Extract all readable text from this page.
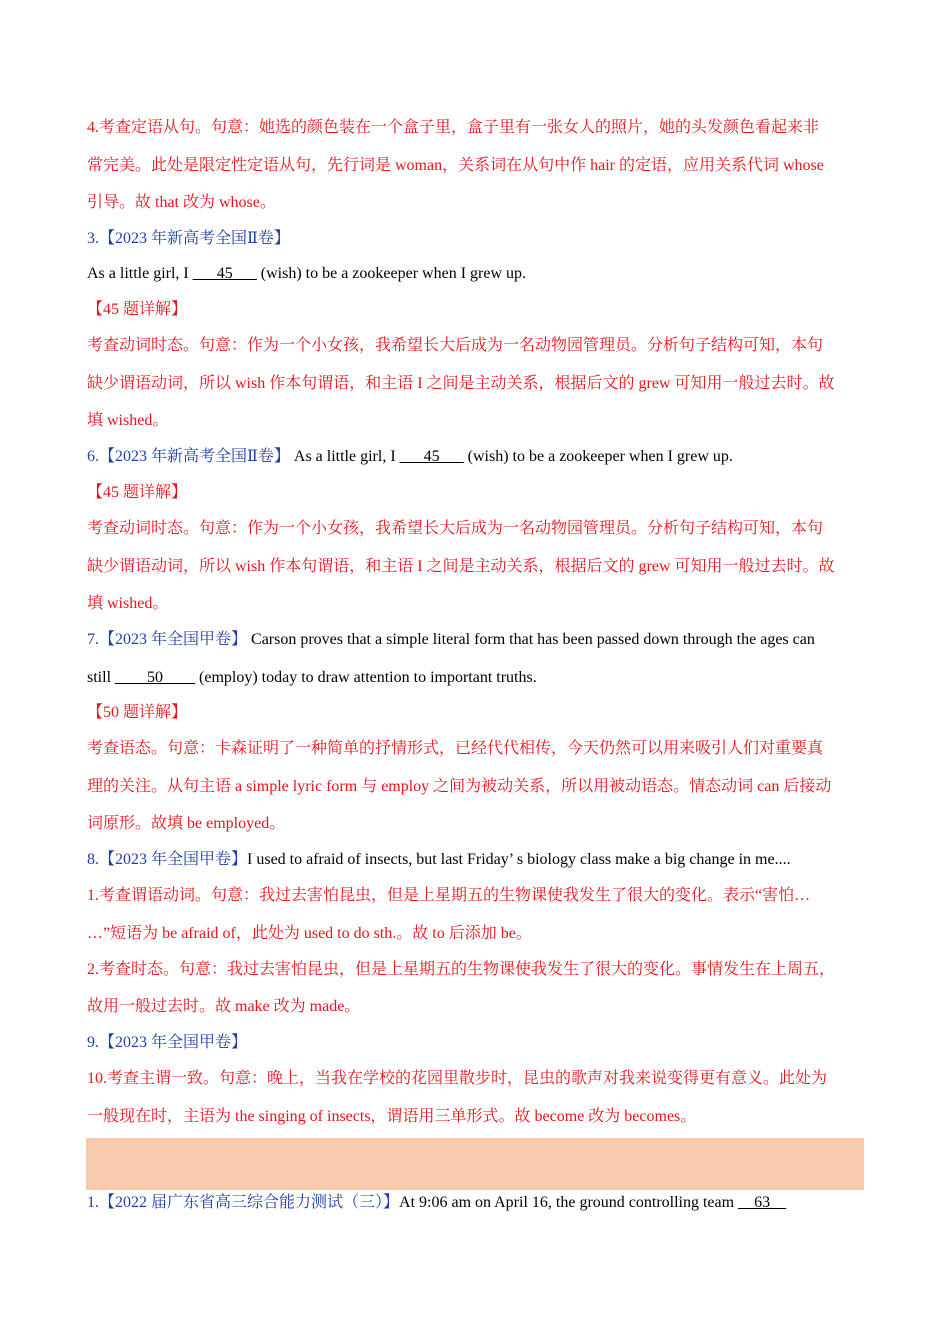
4.考查定语从句。句意：她选的颜色装在一个盒子里，盒子里有一张女人的照片，她的头发颜色看起来非
常完美。此处是限定性定语从句，先行词是 woman，关系词在从句中作 hair 的定语，应用关系代词 whose
引导。故 that 改为 whose。
3.【2023 年新高考全国Ⅱ卷】
As a little girl, I ___45___ (wish) to be a zookeeper when I grew up.
【45 题详解】
考查动词时态。句意：作为一个小女孩，我希望长大后成为一名动物园管理员。分析句子结构可知，本句
缺少谓语动词，所以 wish 作本句谓语，和主语 I 之间是主动关系，根据后文的 grew 可知用一般过去时。故
填 wished。
6.【2023 年新高考全国Ⅱ卷】 As a little girl, I ___45___ (wish) to be a zookeeper when I grew up.
【45 题详解】
考查动词时态。句意：作为一个小女孩，我希望长大后成为一名动物园管理员。分析句子结构可知，本句
缺少谓语动词，所以 wish 作本句谓语，和主语 I 之间是主动关系，根据后文的 grew 可知用一般过去时。故
填 wished。
7.【2023 年全国甲卷】 Carson proves that a simple literal form that has been passed down through the ages can
still ____50____ (employ) today to draw attention to important truths.
【50 题详解】
考查语态。句意：卡森证明了一种简单的抒情形式，已经代代相传，今天仍然可以用来吸引人们对重要真
理的关注。从句主语 a simple lyric form 与 employ 之间为被动关系，所以用被动语态。情态动词 can 后接动
词原形。故填 be employed。
8.【2023 年全国甲卷】I used to afraid of insects, but last Friday’ s biology class make a big change in me....
1.考查谓语动词。句意：我过去害怕昆虫，但是上星期五的生物课使我发生了很大的变化。表示“害怕…
…”短语为 be afraid of，此处为 used to do sth.。故 to 后添加 be。
2.考查时态。句意：我过去害怕昆虫，但是上星期五的生物课使我发生了很大的变化。事情发生在上周五，
故用一般过去时。故 make 改为 made。
9.【2023 年全国甲卷】
10.考查主谓一致。句意：晚上，当我在学校的花园里散步时，昆虫的歌声对我来说变得更有意义。此处为
一般现在时，主语为 the singing of insects，谓语用三单形式。故 become 改为 becomes。
1.【2022 届广东省高三综合能力测试（三）】At 9:06 am on April 16, the ground controlling team __63__
